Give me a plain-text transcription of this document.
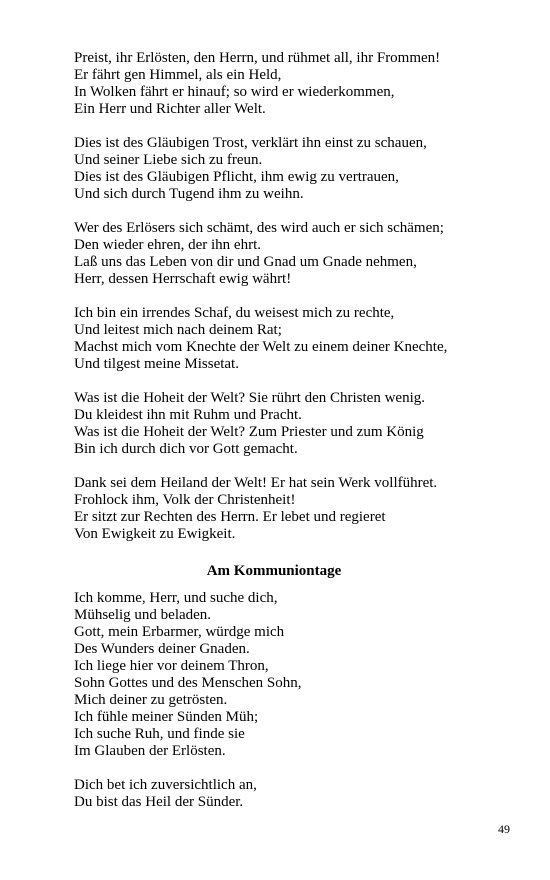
Preist, ihr Erlösten, den Herrn, und rühmet all, ihr Frommen!
Er fährt gen Himmel, als ein Held,
In Wolken fährt er hinauf; so wird er wiederkommen,
Ein Herr und Richter aller Welt.
Dies ist des Gläubigen Trost, verklärt ihn einst zu schauen,
Und seiner Liebe sich zu freun.
Dies ist des Gläubigen Pflicht, ihm ewig zu vertrauen,
Und sich durch Tugend ihm zu weihn.
Wer des Erlösers sich schämt, des wird auch er sich schämen;
Den wieder ehren, der ihn ehrt.
Laß uns das Leben von dir und Gnad um Gnade nehmen,
Herr, dessen Herrschaft ewig währt!
Ich bin ein irrendes Schaf, du weisest mich zu rechte,
Und leitest mich nach deinem Rat;
Machst mich vom Knechte der Welt zu einem deiner Knechte,
Und tilgest meine Missetat.
Was ist die Hoheit der Welt? Sie rührt den Christen wenig.
Du kleidest ihn mit Ruhm und Pracht.
Was ist die Hoheit der Welt? Zum Priester und zum König
Bin ich durch dich vor Gott gemacht.
Dank sei dem Heiland der Welt! Er hat sein Werk vollführet.
Frohlock ihm, Volk der Christenheit!
Er sitzt zur Rechten des Herrn. Er lebet und regieret
Von Ewigkeit zu Ewigkeit.
Am Kommuniontage
Ich komme, Herr, und suche dich,
Mühselig und beladen.
Gott, mein Erbarmer, würdge mich
Des Wunders deiner Gnaden.
Ich liege hier vor deinem Thron,
Sohn Gottes und des Menschen Sohn,
Mich deiner zu getrösten.
Ich fühle meiner Sünden Müh;
Ich suche Ruh, und finde sie
Im Glauben der Erlösten.
Dich bet ich zuversichtlich an,
Du bist das Heil der Sünder.
49
